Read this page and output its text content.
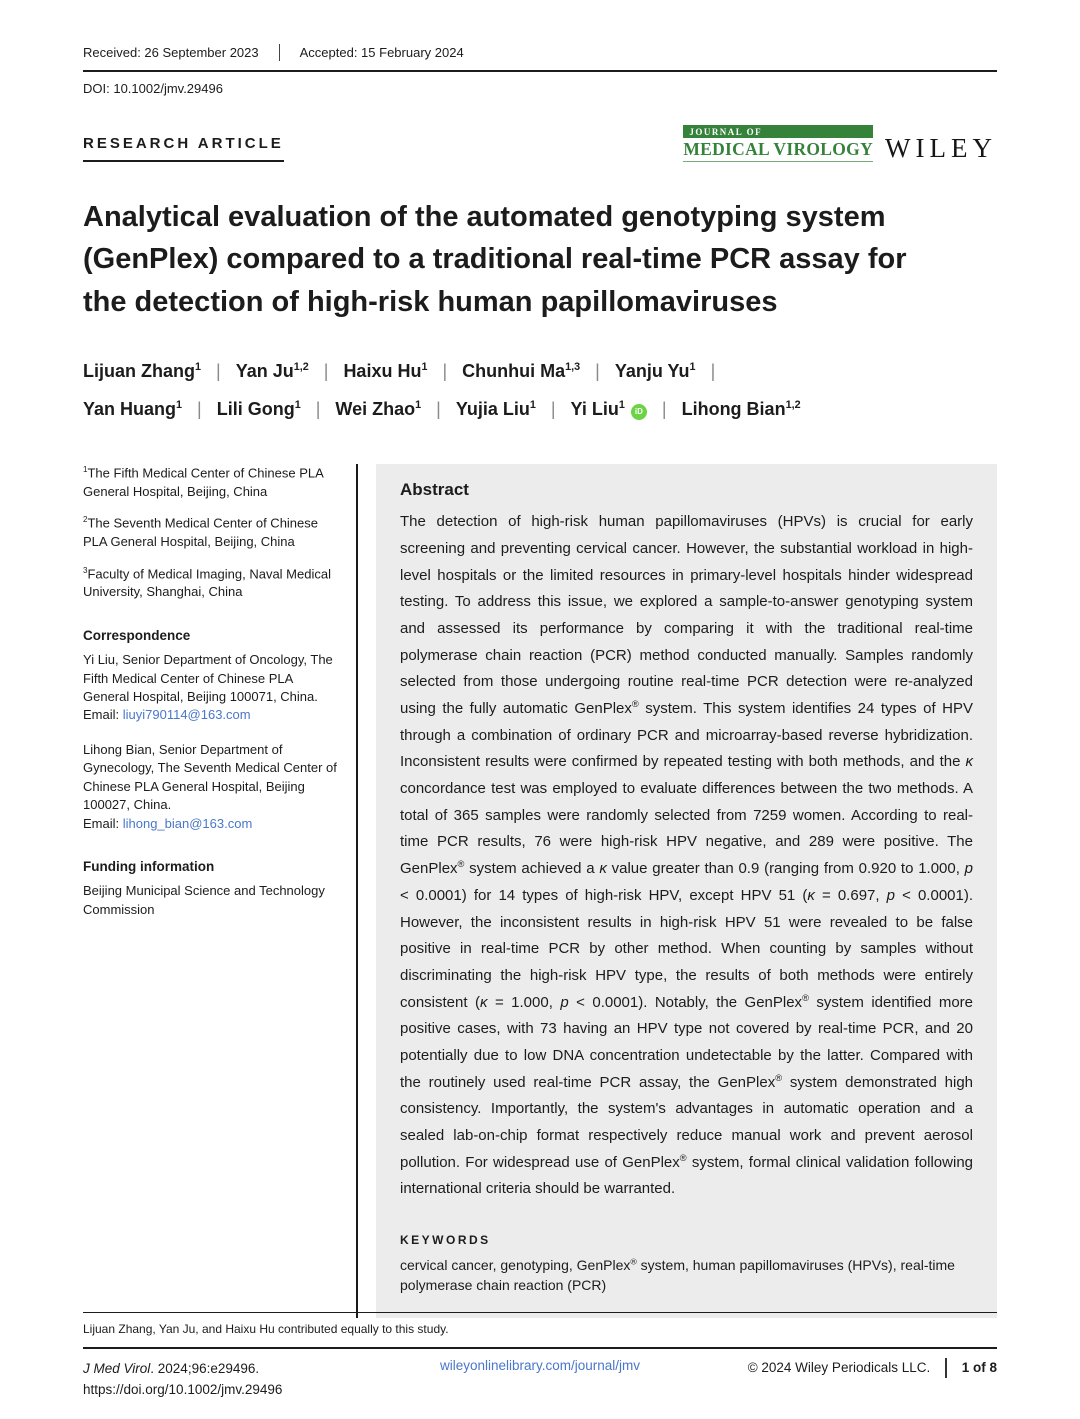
Received: 26 September 2023	Accepted: 15 February 2024
DOI: 10.1002/jmv.29496
RESEARCH ARTICLE
JOURNAL OF
MEDICAL VIROLOGY WILEY
Analytical evaluation of the automated genotyping system
(GenPlex) compared to a traditional real-time PCR assay for
the detection of high-risk human papillomaviruses
Lijuan Zhang$^1$ | Yan Ju$^{1,2}$ | Haixu Hu$^1$ | Chunhui Ma$^{1,3}$ | Yanju Yu$^1$ |
Yan Huang$^1$ | Lili Gong$^1$ | Wei Zhao$^1$ | Yujia Liu$^1$ | Yi Liu$^1$iD | Lihong Bian$^{1,2}$

$^1$The Fifth Medical Center of Chinese PLA General Hospital, Beijing, China

$^2$The Seventh Medical Center of Chinese PLA General Hospital, Beijing, China

$^3$Faculty of Medical Imaging, Naval Medical University, Shanghai, China

Correspondence
Yi Liu, Senior Department of Oncology, The Fifth Medical Center of Chinese PLA General Hospital, Beijing 100071, China.
Email: liuyi790114@163.com
Lihong Bian, Senior Department of Gynecology, The Seventh Medical Center of Chinese PLA General Hospital, Beijing 100027, China.
Email: lihong_bian@163.com
Funding information

Beijing Municipal Science and Technology Commission

Abstract

The detection of high-risk human papillomaviruses (HPVs) is crucial for early screening and preventing cervical cancer. However, the substantial workload in high-level hospitals or the limited resources in primary-level hospitals hinder widespread testing. To address this issue, we explored a sample-to-answer genotyping system and assessed its performance by comparing it with the traditional real-time polymerase chain reaction (PCR) method conducted manually. Samples randomly selected from those undergoing routine real-time PCR detection were re-analyzed using the fully automatic GenPlex® system. This system identifies 24 types of HPV through a combination of ordinary PCR and microarray-based reverse hybridization. Inconsistent results were confirmed by repeated testing with both methods, and the κ concordance test was employed to evaluate differences between the two methods. A total of 365 samples were randomly selected from 7259 women. According to real-time PCR results, 76 were high-risk HPV negative, and 289 were positive. The GenPlex® system achieved a κ value greater than 0.9 (ranging from 0.920 to 1.000, p < 0.0001) for 14 types of high-risk HPV, except HPV 51 (κ = 0.697, p < 0.0001). However, the inconsistent results in high-risk HPV 51 were revealed to be false positive in real-time PCR by other method. When counting by samples without discriminating the high-risk HPV type, the results of both methods were entirely consistent (κ = 1.000, p < 0.0001). Notably, the GenPlex® system identified more positive cases, with 73 having an HPV type not covered by real-time PCR, and 20 potentially due to low DNA concentration undetectable by the latter. Compared with the routinely used real-time PCR assay, the GenPlex® system demonstrated high consistency. Importantly, the system's advantages in automatic operation and a sealed lab-on-chip format respectively reduce manual work and prevent aerosol pollution. For widespread use of GenPlex® system, formal clinical validation following international criteria should be warranted.

KEYWORDS

cervical cancer, genotyping, GenPlex® system, human papillomaviruses (HPVs), real-time polymerase chain reaction (PCR)

Lijuan Zhang, Yan Ju, and Haixu Hu contributed equally to this study.
J Med Virol. 2024;96:e29496.
https://doi.org/10.1002/jmv.29496
wileyonlinelibrary.com/journal/jmv	© 2024 Wiley Periodicals LLC. 1 of 8
